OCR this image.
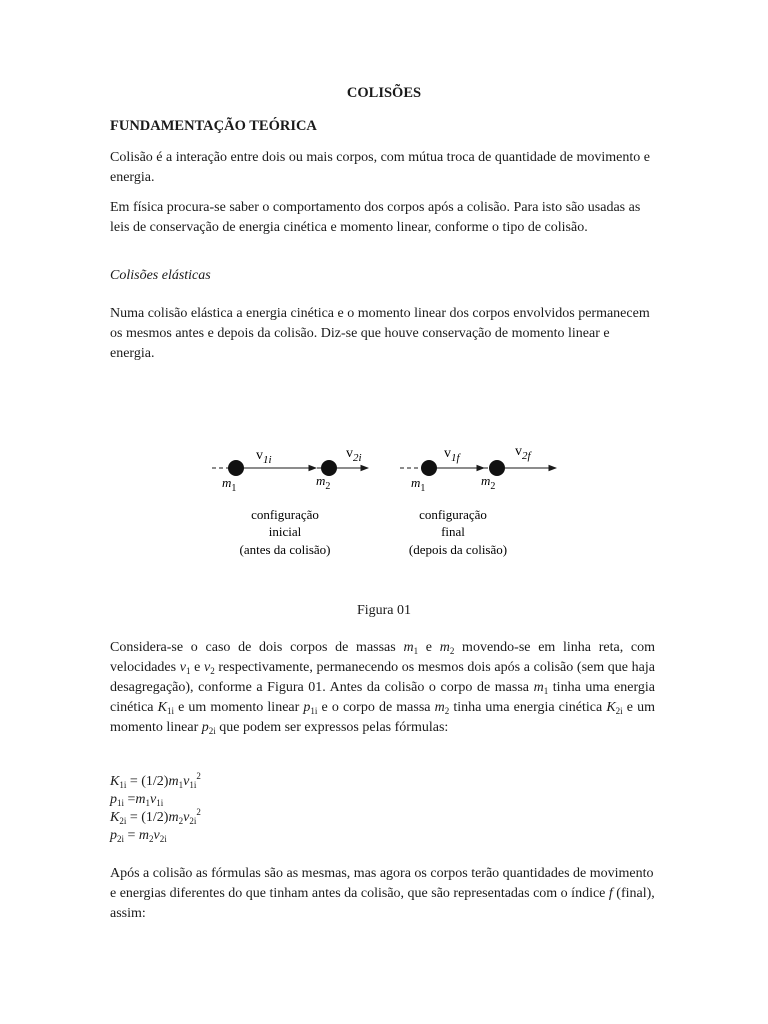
COLISÕES
FUNDAMENTAÇÃO TEÓRICA

Colisão é a interação entre dois ou mais corpos, com mútua troca de quantidade de movimento e energia.

Em física procura-se saber o comportamento dos corpos após a colisão. Para isto são usadas as leis de conservação de energia cinética e momento linear, conforme o tipo de colisão.

Colisões elásticas

Numa colisão elástica a energia cinética e o momento linear dos corpos envolvidos permanecem os mesmos antes e depois da colisão. Diz-se que houve conservação de momento linear e energia.

$v_{1i}$	$v_{2i}$
$m_1$
$m_2$
configuração
inicial
(antes da colisão)
$v_{1f}$	$v_{2f}$
$m_1$
$m_2$
configuração
final
(depois da colisão)
Figura 01

Considera-se o caso de dois corpos de massas $m_1$ e $m_2$ movendo-se em linha reta, com velocidades $v_1$ e $v_2$ respectivamente, permanecendo os mesmos dois após a colisão (sem que haja desagregação), conforme a Figura 01. Antes da colisão o corpo de massa $m_1$ tinha uma energia cinética $K_{1i}$ e um momento linear $p_{1i}$ e o corpo de massa $m_2$ tinha uma energia cinética $K_{2i}$ e um momento linear $p_{2i}$ que podem ser expressos pelas fórmulas:

$K_{1i} = (1/2)m_1v_{1i}^2$
$p_{1i} =m_1v_{1i}$
$K_{2i} = (1/2)m_2v_{2i}^2$
$p_{2i} = m_2v_{2i}$

Após a colisão as fórmulas são as mesmas, mas agora os corpos terão quantidades de movimento e energias diferentes do que tinham antes da colisão, que são representadas com o índice f (final), assim:
